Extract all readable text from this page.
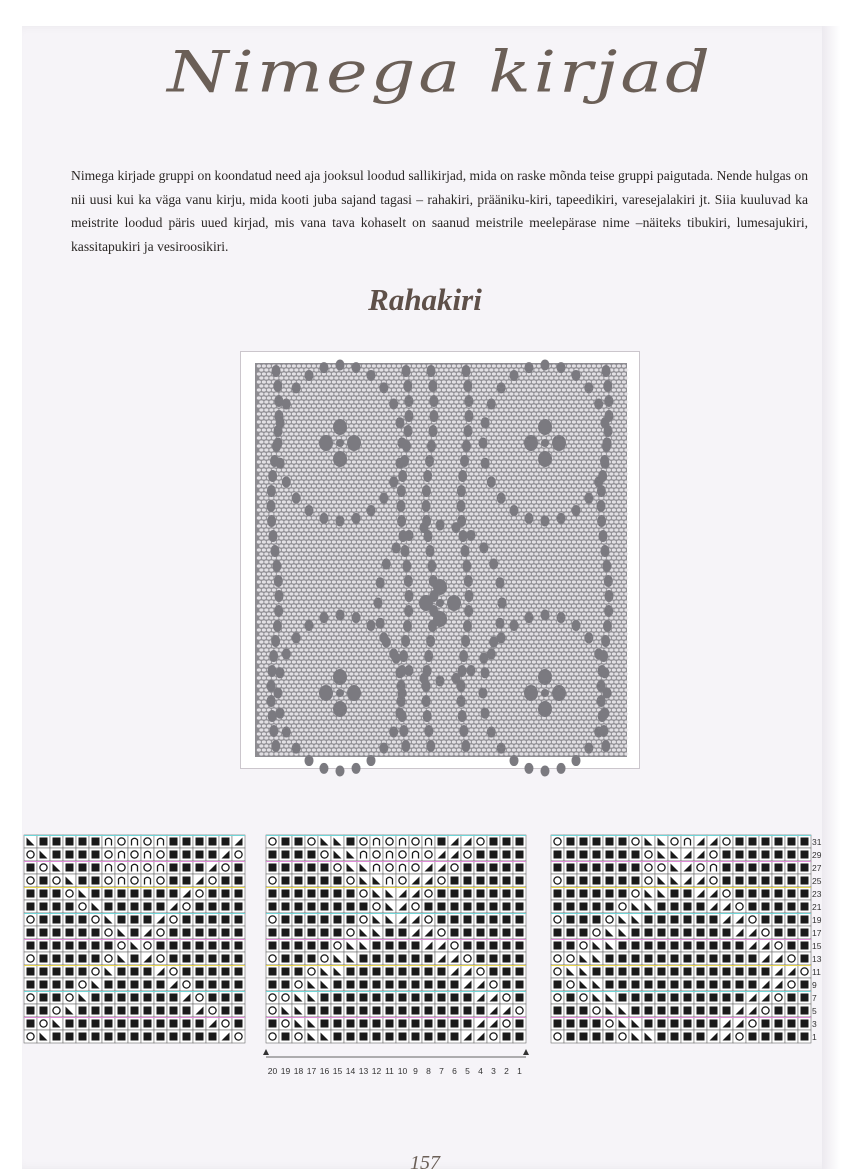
Nimega kirjad

Nimega kirjade gruppi on koondatud need aja jooksul loodud sallikirjad, mida on raske mõnda teise gruppi paigutada. Nende hulgas on nii uusi kui ka väga vanu kirju, mida kooti juba sajand tagasi – rahakiri, prääniku-kiri, tapeedikiri, varesejalakiri jt. Siia kuuluvad ka meistrite loodud päris uued kirjad, mis vana tava kohaselt on saanud meistrile meelepärase nime –näiteks tibukiri, lumesajukiri, kassitapukiri ja vesiroosikiri.

Rahakiri
31
29
27
25
23
21
19
17
15
13
11
9
7
5
3
1
20 19 18 17 16 15 14 13 12 11 10 9 8 7 6 5 4 3 2 1
157
